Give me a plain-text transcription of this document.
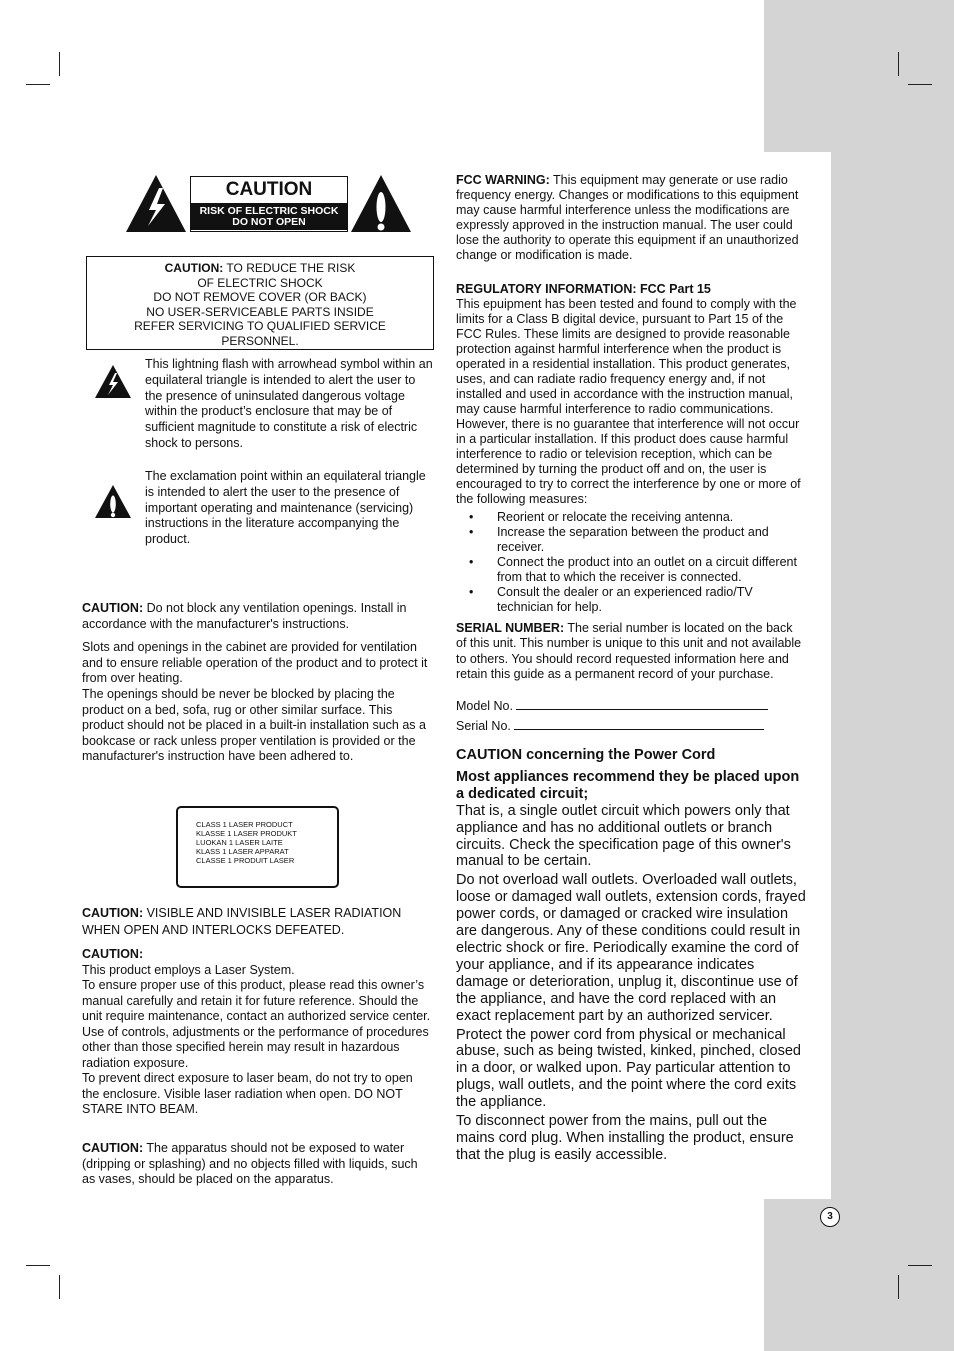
3
CAUTION
RISK OF ELECTRIC SHOCK
DO NOT OPEN
CAUTION: TO REDUCE THE RISK
OF ELECTRIC SHOCK
DO NOT REMOVE COVER (OR BACK)
NO USER-SERVICEABLE PARTS INSIDE
REFER SERVICING TO QUALIFIED SERVICE
PERSONNEL.

This lightning flash with arrowhead symbol within an equilateral triangle is intended to alert the user to the presence of uninsulated dangerous voltage within the product’s enclosure that may be of sufficient magnitude to constitute a risk of electric shock to persons.

The exclamation point within an equilateral triangle is intended to alert the user to the presence of important operating and maintenance (servicing) instructions in the literature accompanying the product.

CAUTION: Do not block any ventilation openings. Install in accordance with the manufacturer's instructions.

Slots and openings in the cabinet are provided for ventilation and to ensure reliable operation of the product and to protect it from over heating.

The openings should be never be blocked by placing the product on a bed, sofa, rug or other similar surface. This product should not be placed in a built-in installation such as a bookcase or rack unless proper ventilation is provided or the manufacturer's instruction have been adhered to.

CLASS 1 LASER PRODUCT
KLASSE 1 LASER PRODUKT
LUOKAN 1 LASER LAITE
KLASS 1 LASER APPARAT
CLASSE 1 PRODUIT LASER

CAUTION: VISIBLE AND INVISIBLE LASER RADIATION WHEN OPEN AND INTERLOCKS DEFEATED.

CAUTION:

This product employs a Laser System.

To ensure proper use of this product, please read this owner’s manual carefully and retain it for future reference. Should the unit require maintenance, contact an authorized service center.

Use of controls, adjustments or the performance of procedures other than those specified herein may result in hazardous radiation exposure.

To prevent direct exposure to laser beam, do not try to open the enclosure. Visible laser radiation when open. DO NOT STARE INTO BEAM.

CAUTION: The apparatus should not be exposed to water (dripping or splashing) and no objects filled with liquids, such as vases, should be placed on the apparatus.

FCC WARNING: This equipment may generate or use radio frequency energy. Changes or modifications to this equipment may cause harmful interference unless the modifications are expressly approved in the instruction manual. The user could lose the authority to operate this equipment if an unauthorized change or modification is made.

REGULATORY INFORMATION: FCC Part 15

This epuipment has been tested and found to comply with the limits for a Class B digital device, pursuant to Part 15 of the FCC Rules. These limits are designed to provide reasonable protection against harmful interference when the product is operated in a residential installation. This product generates, uses, and can radiate radio frequency energy and, if not installed and used in accordance with the instruction manual, may cause harmful interference to radio communications. However, there is no guarantee that interference will not occur in a particular installation. If this product does cause harmful interference to radio or television reception, which can be determined by turning the product off and on, the user is encouraged to try to correct the interference by one or more of the following measures:

• Reorient or relocate the receiving antenna.
• Increase the separation between the product and receiver.
• Connect the product into an outlet on a circuit different from that to which the receiver is connected.
• Consult the dealer or an experienced radio/TV technician for help.

SERIAL NUMBER: The serial number is located on the back of this unit. This number is unique to this unit and not available to others. You should record requested information here and retain this guide as a permanent record of your purchase.

Model No.
Serial No.
CAUTION concerning the Power Cord
Most appliances recommend they be placed upon a dedicated circuit;

That is, a single outlet circuit which powers only that appliance and has no additional outlets or branch circuits. Check the specification page of this owner's manual to be certain.

Do not overload wall outlets. Overloaded wall outlets, loose or damaged wall outlets, extension cords, frayed power cords, or damaged or cracked wire insulation are dangerous. Any of these conditions could result in electric shock or fire. Periodically examine the cord of your appliance, and if its appearance indicates damage or deterioration, unplug it, discontinue use of the appliance, and have the cord replaced with an exact replacement part by an authorized servicer.

Protect the power cord from physical or mechanical abuse, such as being twisted, kinked, pinched, closed in a door, or walked upon. Pay particular attention to plugs, wall outlets, and the point where the cord exits the appliance.

To disconnect power from the mains, pull out the mains cord plug. When installing the product, ensure that the plug is easily accessible.
